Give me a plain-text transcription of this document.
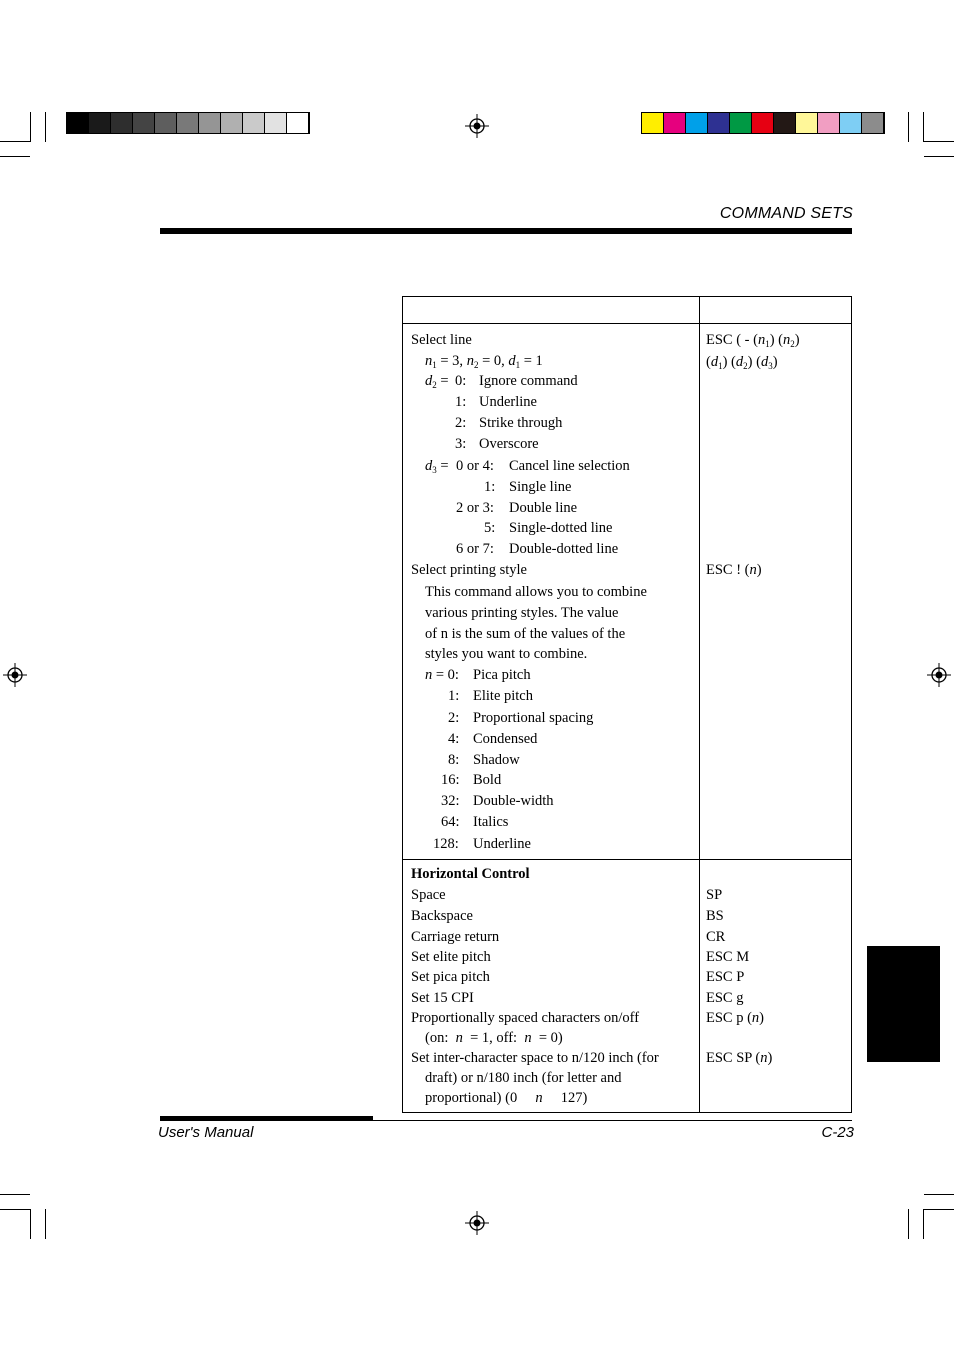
COMMAND SETS
Select line	ESC ( - $(n_1)$ $(n_2)$
$(d_1)$ $(d_2)$ $(d_3)$
$n_1 = 3$, $n_2 = 0$, $d_1 = 1$
$d_2 = 0$: Ignore command
1: Underline
2: Strike through
3: Overscore
$d_3 = 0$ or 4: Cancel line selection
1: Single line
2 or 3: Double line
5: Single-dotted line
6 or 7: Double-dotted line
Select printing style	ESC ! (n)
This command allows you to combine
various printing styles. The value
of n is the sum of the values of the
styles you want to combine.
n = 0: Pica pitch
1: Elite pitch
2: Proportional spacing
4: Condensed
8: Shadow
16: Bold
32: Double-width
64: Italics
128: Underline
Horizontal Control
Space	SP
Backspace	BS
Carriage return	CR
Set elite pitch	ESC M
Set pica pitch	ESC P
Set 15 CPI	ESC g
Proportionally spaced characters on/off	ESC p (n)
(on:  n  = 1, off:  n  = 0)
Set inter-character space to n/120 inch (for	ESC SP (n)
draft) or n/180 inch (for letter and
proportional) (0     n     127)
User's Manual	C-23
